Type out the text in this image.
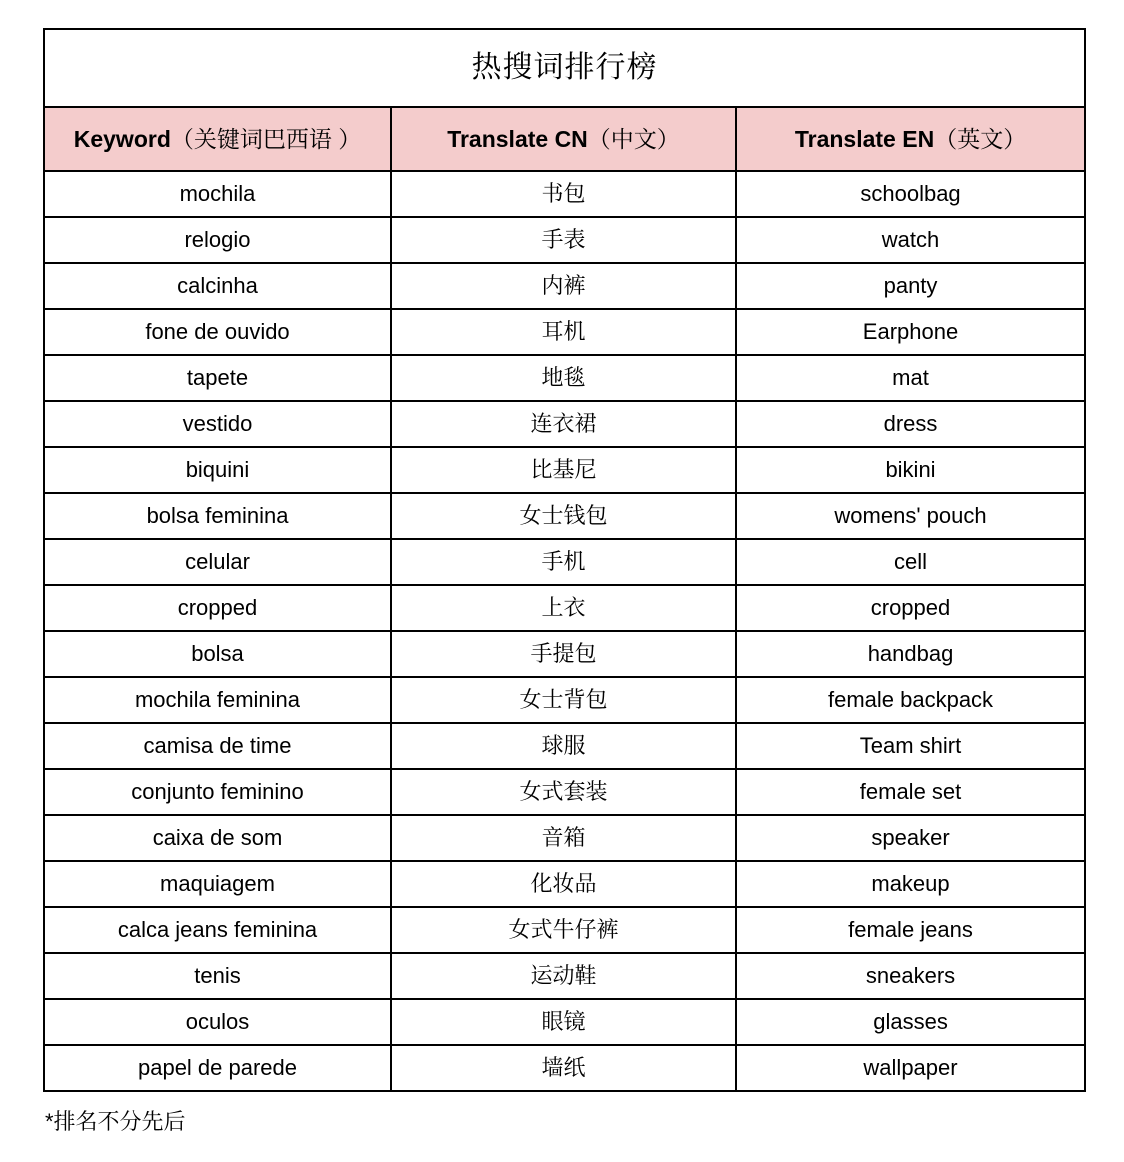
热搜词排行榜		
Keyword（关键词巴西语 ）	Translate CN（中文）	Translate EN（英文）
mochila	书包	schoolbag
relogio	手表	watch
calcinha	内裤	panty
fone de ouvido	耳机	Earphone
tapete	地毯	mat
vestido	连衣裙	dress
biquini	比基尼	bikini
bolsa feminina	女士钱包	womens' pouch
celular	手机	cell
cropped	上衣	cropped
bolsa	手提包	handbag
mochila feminina	女士背包	female backpack
camisa de time	球服	Team shirt
conjunto feminino	女式套装	female set
caixa de som	音箱	speaker
maquiagem	化妆品	makeup
calca jeans feminina	女式牛仔裤	female jeans
tenis	运动鞋	sneakers
oculos	眼镜	glasses
papel de parede	墙纸	wallpaper
*排名不分先后
